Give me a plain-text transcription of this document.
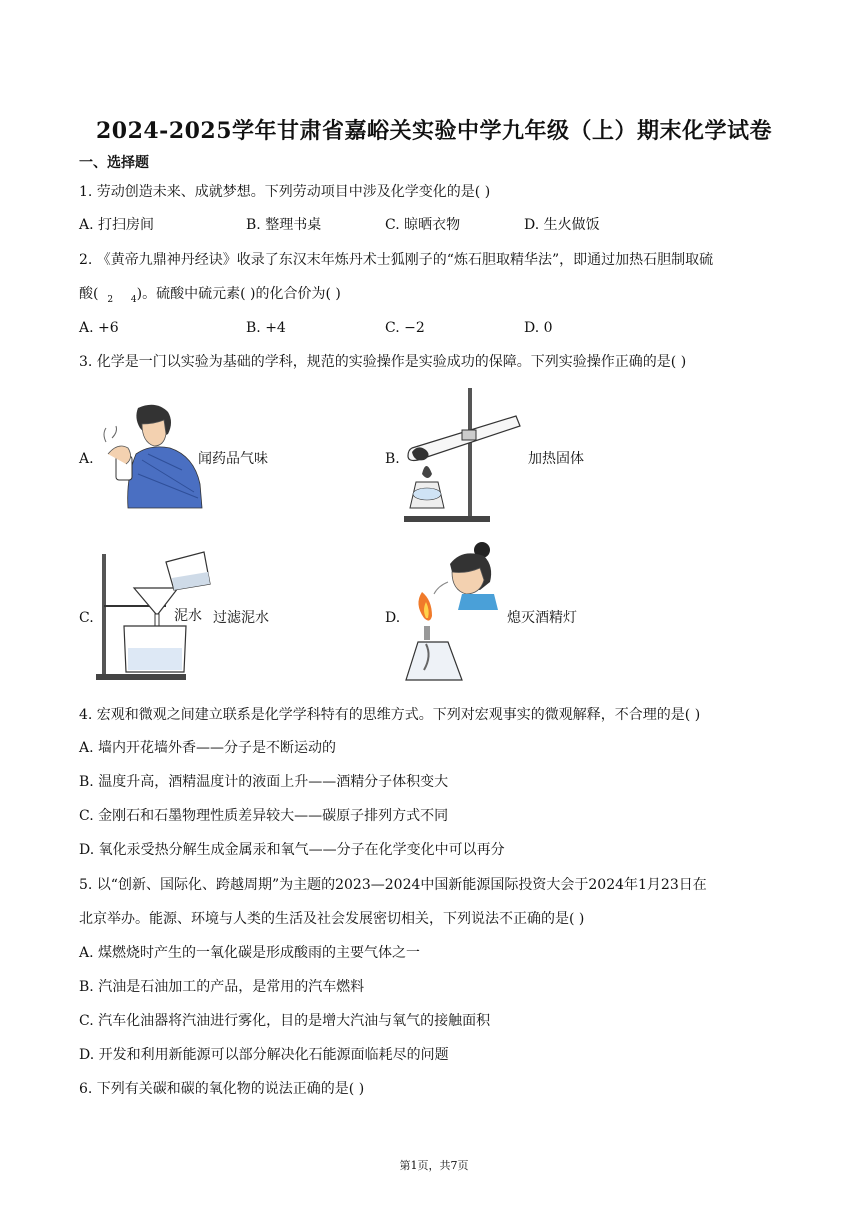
2024-2025学年甘肃省嘉峪关实验中学九年级（上）期末化学试卷
一、选择题
1. 劳动创造未来、成就梦想。下列劳动项目中涉及化学变化的是( )
A. 打扫房间	B. 整理书桌	C. 晾晒衣物	D. 生火做饭
2. 《黄帝九鼎神丹经诀》收录了东汉末年炼丹术士狐刚子的“炼石胆取精华法”，即通过加热石胆制取硫
酸( $_2$ $_4$)。硫酸中硫元素( )的化合价为( )
A. +6	B. +4	C. −2	D. 0
3. 化学是一门以实验为基础的学科，规范的实验操作是实验成功的保障。下列实验操作正确的是( )
A.	闻药品气味	B.	加热固体
C.	泥水 过滤泥水	D.	熄灭酒精灯
4. 宏观和微观之间建立联系是化学学科特有的思维方式。下列对宏观事实的微观解释，不合理的是( )
A. 墙内开花墙外香——分子是不断运动的
B. 温度升高，酒精温度计的液面上升——酒精分子体积变大
C. 金刚石和石墨物理性质差异较大——碳原子排列方式不同
D. 氧化汞受热分解生成金属汞和氧气——分子在化学变化中可以再分
5. 以“创新、国际化、跨越周期”为主题的2023—2024中国新能源国际投资大会于2024年1月23日在
北京举办。能源、环境与人类的生活及社会发展密切相关，下列说法不正确的是( )
A. 煤燃烧时产生的一氧化碳是形成酸雨的主要气体之一
B. 汽油是石油加工的产品，是常用的汽车燃料
C. 汽车化油器将汽油进行雾化，目的是增大汽油与氧气的接触面积
D. 开发和利用新能源可以部分解决化石能源面临耗尽的问题
6. 下列有关碳和碳的氧化物的说法正确的是( )
第1页，共7页
